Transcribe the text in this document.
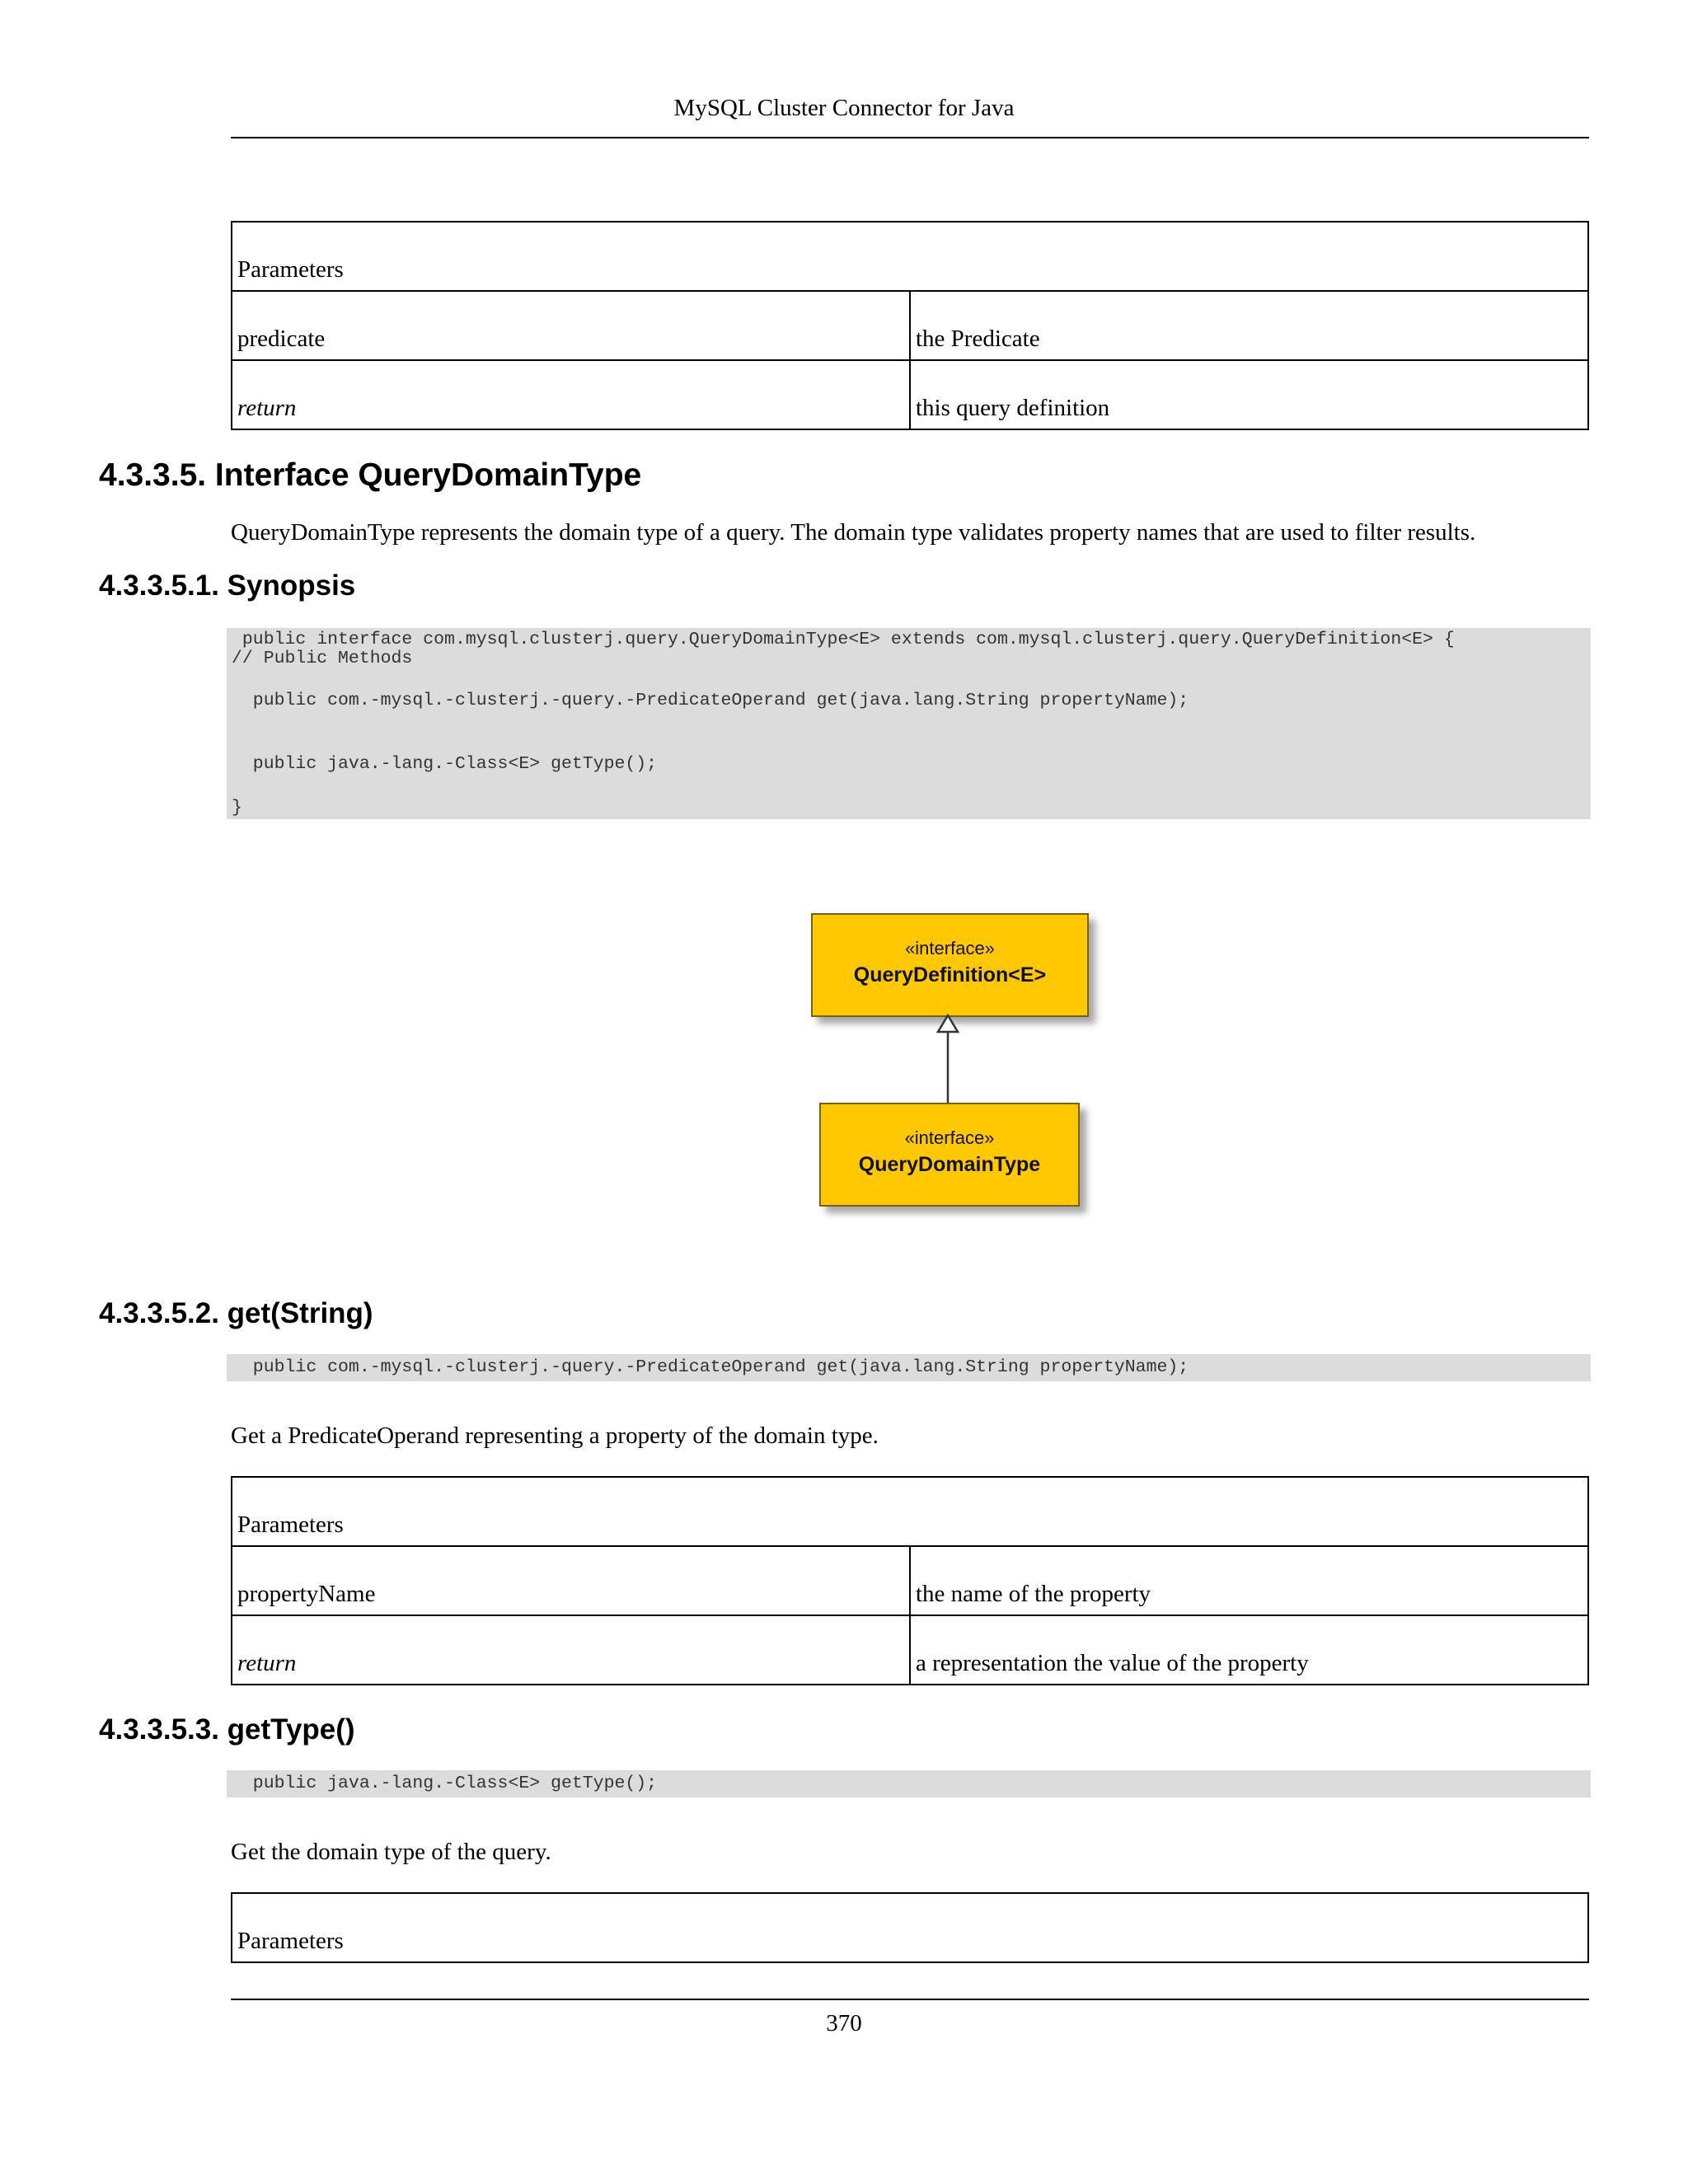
MySQL Cluster Connector for Java
Parameters	
predicate	the Predicate
return	this query definition
4.3.3.5. Interface QueryDomainType

QueryDomainType represents the domain type of a query. The domain type validates property names that are used to filter results.

4.3.3.5.1. Synopsis

public interface com.mysql.clusterj.query.QueryDomainType<E> extends com.mysql.clusterj.query.QueryDefinition<E> {

// Public Methods

public com.-mysql.-clusterj.-query.-PredicateOperand get(java.lang.String propertyName);

public java.-lang.-Class<E> getType();

}

«interface»
QueryDefinition<E>
«interface»
QueryDomainType
4.3.3.5.2. get(String)

public com.-mysql.-clusterj.-query.-PredicateOperand get(java.lang.String propertyName);

Get a PredicateOperand representing a property of the domain type.

Parameters	
propertyName	the name of the property
return	a representation the value of the property
4.3.3.5.3. getType()

public java.-lang.-Class<E> getType();

Get the domain type of the query.

Parameters
370
